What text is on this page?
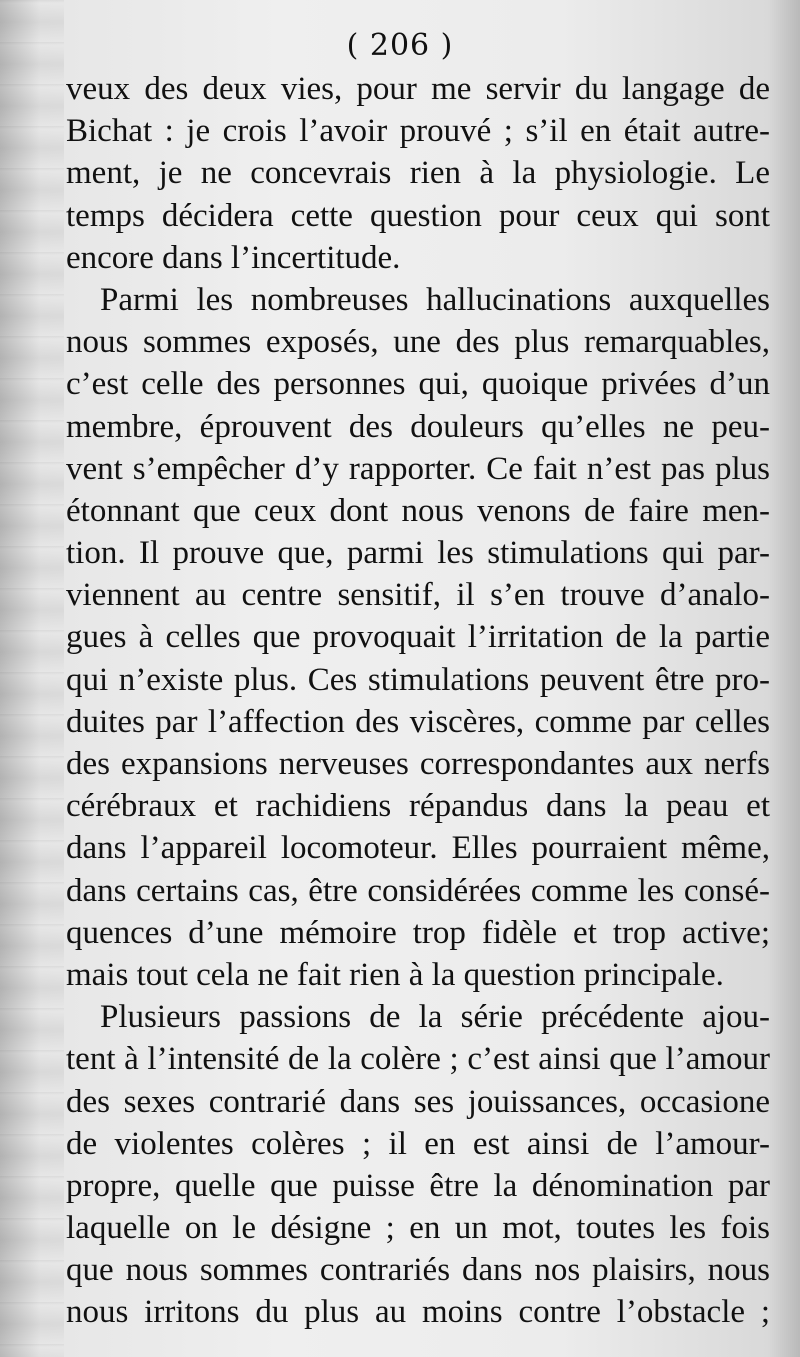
( 206 )
veux des deux vies, pour me servir du langage de
Bichat : je crois l’avoir prouvé ; s’il en était autre-
ment, je ne concevrais rien à la physiologie. Le
temps décidera cette question pour ceux qui sont
encore dans l’incertitude.
Parmi les nombreuses hallucinations auxquelles
nous sommes exposés, une des plus remarquables,
c’est celle des personnes qui, quoique privées d’un
membre, éprouvent des douleurs qu’elles ne peu-
vent s’empêcher d’y rapporter. Ce fait n’est pas plus
étonnant que ceux dont nous venons de faire men-
tion. Il prouve que, parmi les stimulations qui par-
viennent au centre sensitif, il s’en trouve d’analo-
gues à celles que provoquait l’irritation de la partie
qui n’existe plus. Ces stimulations peuvent être pro-
duites par l’affection des viscères, comme par celles
des expansions nerveuses correspondantes aux nerfs
cérébraux et rachidiens répandus dans la peau et
dans l’appareil locomoteur. Elles pourraient même,
dans certains cas, être considérées comme les consé-
quences d’une mémoire trop fidèle et trop active;
mais tout cela ne fait rien à la question principale.
Plusieurs passions de la série précédente ajou-
tent à l’intensité de la colère ; c’est ainsi que l’amour
des sexes contrarié dans ses jouissances, occasione
de violentes colères ; il en est ainsi de l’amour-
propre, quelle que puisse être la dénomination par
laquelle on le désigne ; en un mot, toutes les fois
que nous sommes contrariés dans nos plaisirs, nous
nous irritons du plus au moins contre l’obstacle ;
